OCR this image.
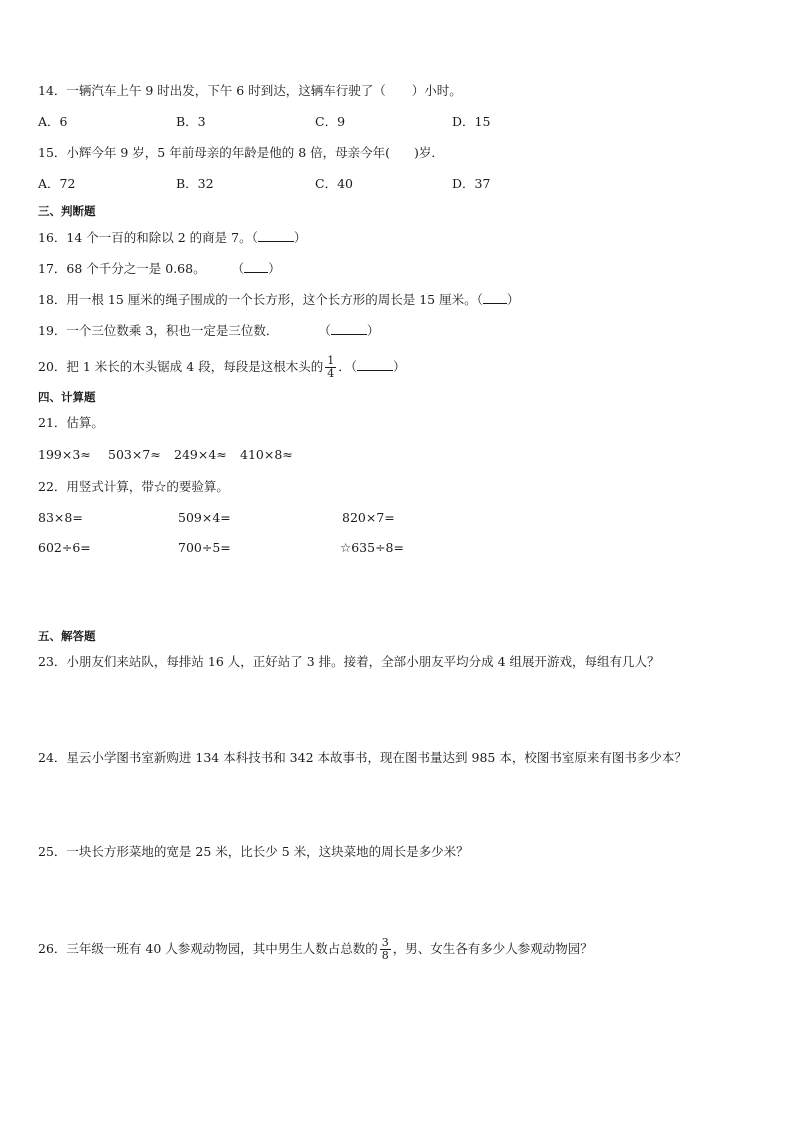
14．一辆汽车上午 9 时出发，下午 6 时到达，这辆车行驶了（ ）小时。
A．6	B．3	C．9	D．15
15．小辉今年 9 岁，5 年前母亲的年龄是他的 8 倍，母亲今年( )岁．
A．72	B．32	C．40	D．37
三、判断题
16．14 个一百的和除以 2 的商是 7。（	）
17．68 个千分之一是 0.68。 （ ）
18．用一根 15 厘米的绳子围成的一个长方形，这个长方形的周长是 15 厘米。（ ）
19．一个三位数乘 3，积也一定是三位数．	（	）
20．把 1 米长的木头锯成 4 段，每段是这根木头的 $\frac{1}{4}$ ．（	）
四、计算题
21．估算。
199×3≈ 503×7≈ 249×4≈ 410×8≈
22．用竖式计算，带☆的要验算。
83×8=	509×4=	820×7=
602÷6=	700÷5=	☆635÷8=
五、解答题
23．小朋友们来站队，每排站 16 人，正好站了 3 排。接着，全部小朋友平均分成 4 组展开游戏，每组有几人？
24．星云小学图书室新购进 134 本科技书和 342 本故事书，现在图书量达到 985 本，校图书室原来有图书多少本？
25．一块长方形菜地的宽是 25 米，比长少 5 米，这块菜地的周长是多少米？
26．三年级一班有 40 人参观动物园，其中男生人数占总数的 $\frac{3}{8}$ ，男、女生各有多少人参观动物园？
